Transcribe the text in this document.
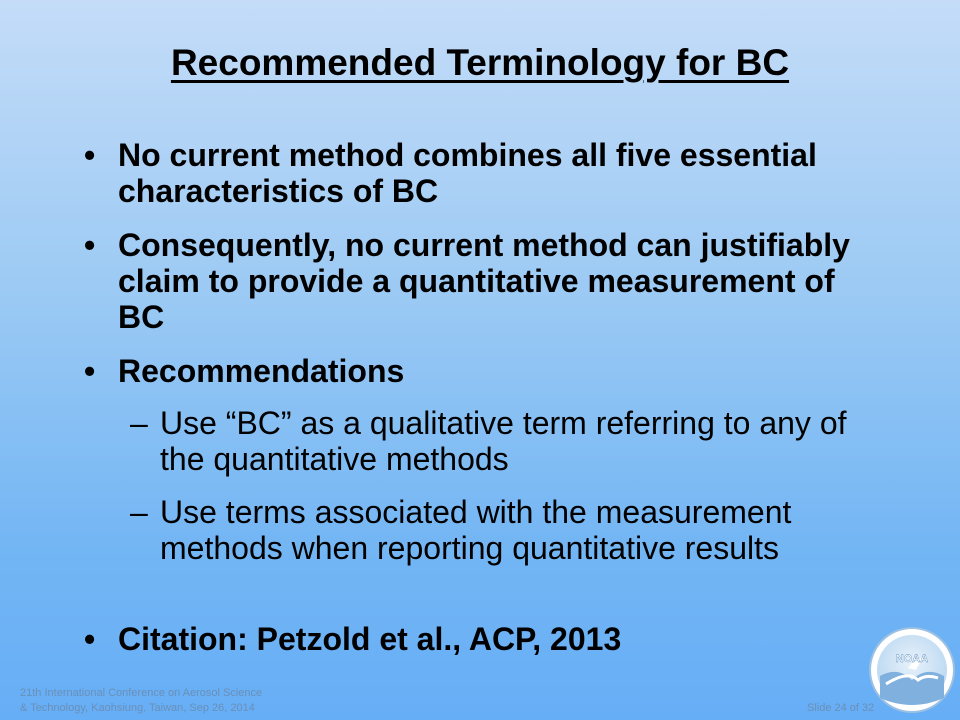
Recommended Terminology for BC
• No current method combines all five essential characteristics of BC
• Consequently, no current method can justifiably claim to provide a quantitative measurement of BC
• Recommendations
– Use “BC” as a qualitative term referring to any of the quantitative methods
– Use terms associated with the measurement methods when reporting quantitative results
• Citation: Petzold et al., ACP, 2013
21th International Conference on Aerosol Science
& Technology, Kaohsiung, Taiwan, Sep 26, 2014	Slide 24 of 32
NOAA
